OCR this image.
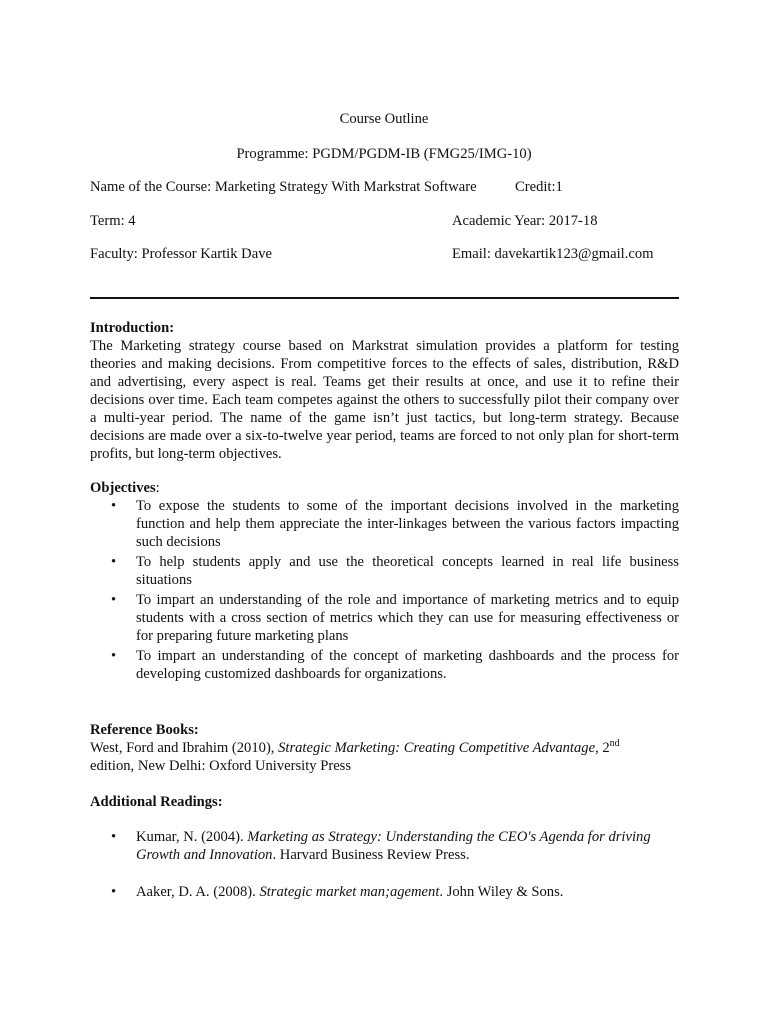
Course Outline
Programme: PGDM/PGDM-IB (FMG25/IMG-10)
Name of the Course: Marketing Strategy With Markstrat Software	Credit:1
Term: 4	Academic Year: 2017-18
Faculty: Professor Kartik Dave	Email: davekartik123@gmail.com
Introduction:
The Marketing strategy course based on Markstrat simulation provides a platform for testing theories and making decisions. From competitive forces to the effects of sales, distribution, R&D and advertising, every aspect is real. Teams get their results at once, and use it to refine their decisions over time. Each team competes against the others to successfully pilot their company over a multi-year period. The name of the game isn’t just tactics, but long-term strategy. Because decisions are made over a six-to-twelve year period, teams are forced to not only plan for short-term profits, but long-term objectives.
Objectives:
• To expose the students to some of the important decisions involved in the marketing function and help them appreciate the inter-linkages between the various factors impacting such decisions
• To help students apply and use the theoretical concepts learned in real life business situations
• To impart an understanding of the role and importance of marketing metrics and to equip students with a cross section of metrics which they can use for measuring effectiveness or for preparing future marketing plans
• To impart an understanding of the concept of marketing dashboards and the process for developing customized dashboards for organizations.
Reference Books:
West, Ford and Ibrahim (2010), Strategic Marketing: Creating Competitive Advantage, 2nd
edition, New Delhi: Oxford University Press
Additional Readings:
•	Kumar, N. (2004). Marketing as Strategy: Understanding the CEO's Agenda for driving
Growth and Innovation. Harvard Business Review Press.
•	Aaker, D. A. (2008). Strategic market man;agement. John Wiley & Sons.
